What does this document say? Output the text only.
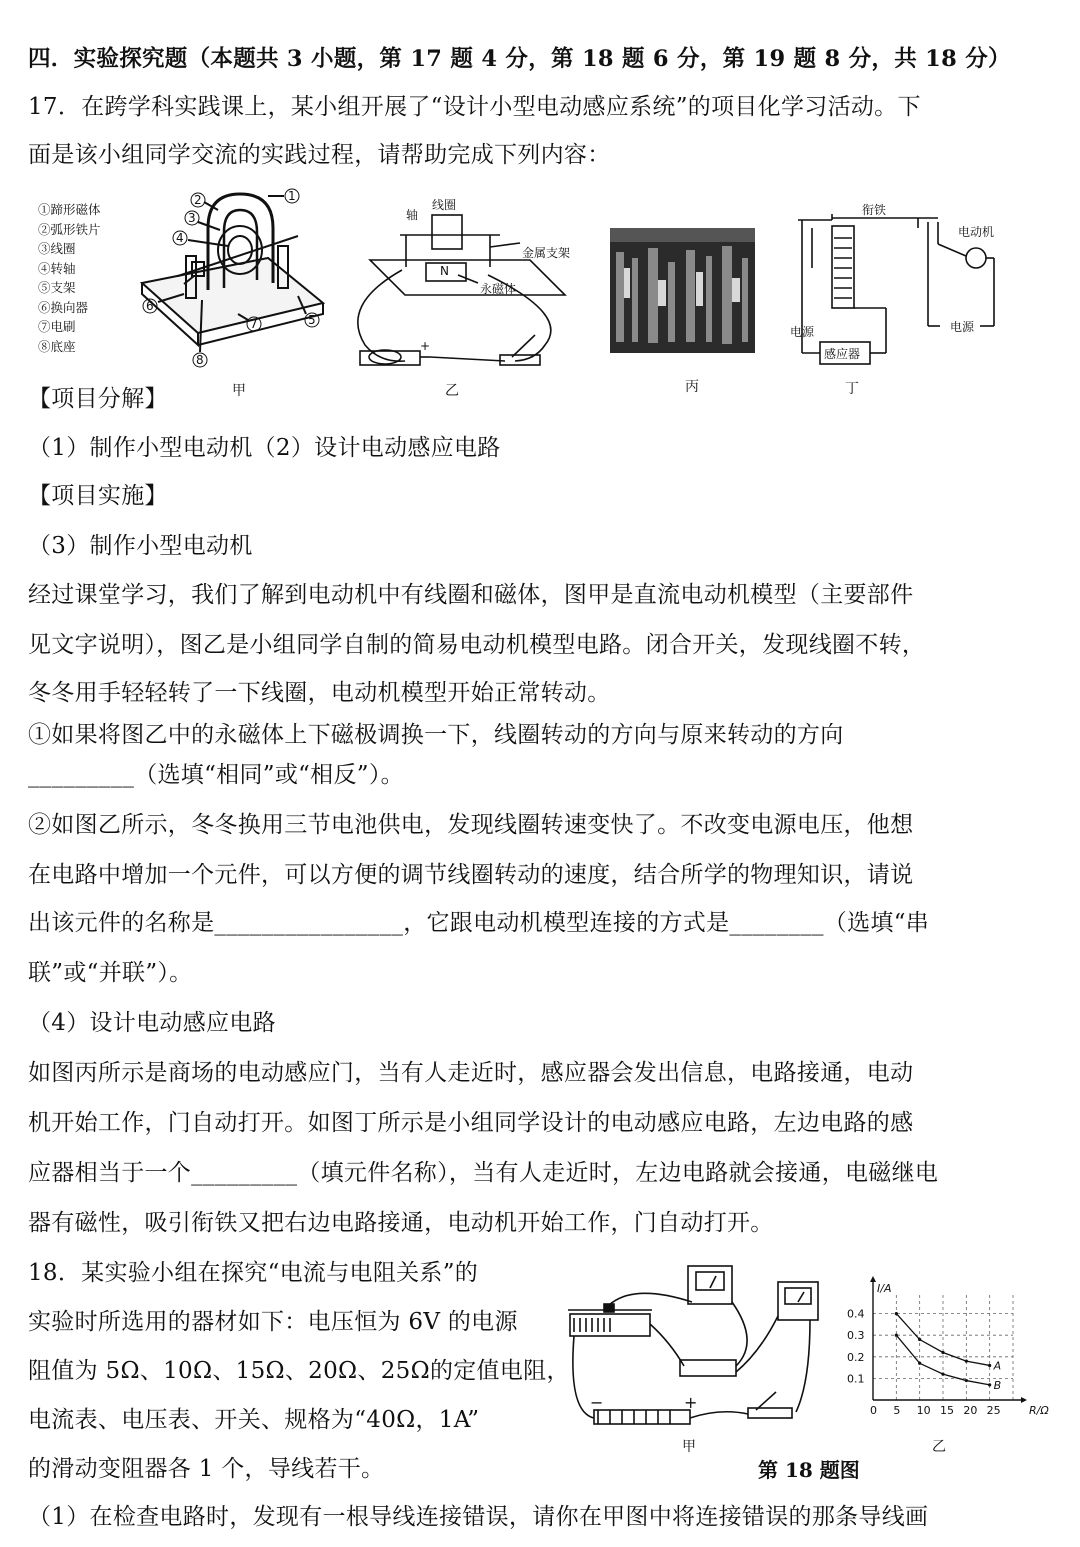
四．实验探究题（本题共 3 小题，第 17 题 4 分，第 18 题 6 分，第 19 题 8 分，共 18 分）
17．在跨学科实践课上，某小组开展了“设计小型电动感应系统”的项目化学习活动。下
面是该小组同学交流的实践过程，请帮助完成下列内容：
①蹄形磁体
②弧形铁片
③线圈
④转轴
⑤支架
⑥换向器
⑦电刷
⑧底座
1
2
3
4
5
6
7
8
甲
轴
线圈
金属支架
N
永磁体
+
乙	丙
衔铁
电动机
电源	电源
感应器
丁
【项目分解】
（1）制作小型电动机（2）设计电动感应电路
【项目实施】
（3）制作小型电动机
经过课堂学习，我们了解到电动机中有线圈和磁体，图甲是直流电动机模型（主要部件
见文字说明），图乙是小组同学自制的简易电动机模型电路。闭合开关，发现线圈不转，
冬冬用手轻轻转了一下线圈，电动机模型开始正常转动。
①如果将图乙中的永磁体上下磁极调换一下，线圈转动的方向与原来转动的方向
_________（选填“相同”或“相反”）。
②如图乙所示，冬冬换用三节电池供电，发现线圈转速变快了。不改变电源电压，他想
在电路中增加一个元件，可以方便的调节线圈转动的速度，结合所学的物理知识，请说
出该元件的名称是________________，它跟电动机模型连接的方式是________（选填“串
联”或“并联”）。
（4）设计电动感应电路
如图丙所示是商场的电动感应门，当有人走近时，感应器会发出信息，电路接通，电动
机开始工作，门自动打开。如图丁所示是小组同学设计的电动感应电路，左边电路的感
应器相当于一个_________（填元件名称），当有人走近时，左边电路就会接通，电磁继电
器有磁性，吸引衔铁又把右边电路接通，电动机开始工作，门自动打开。
18．某实验小组在探究“电流与电阻关系”的
实验时所选用的器材如下：电压恒为 6V 的电源
阻值为 5Ω、10Ω、15Ω、20Ω、25Ω的定值电阻，
电流表、电压表、开关、规格为“40Ω，1A”
的滑动变阻器各 1 个，导线若干。
−	+
甲
第 18 题图
0 5 10 15 20 25
0.1
0.2
0.3
0.4
R/Ω
I/A
A
B
乙
（1）在检查电路时，发现有一根导线连接错误，请你在甲图中将连接错误的那条导线画
